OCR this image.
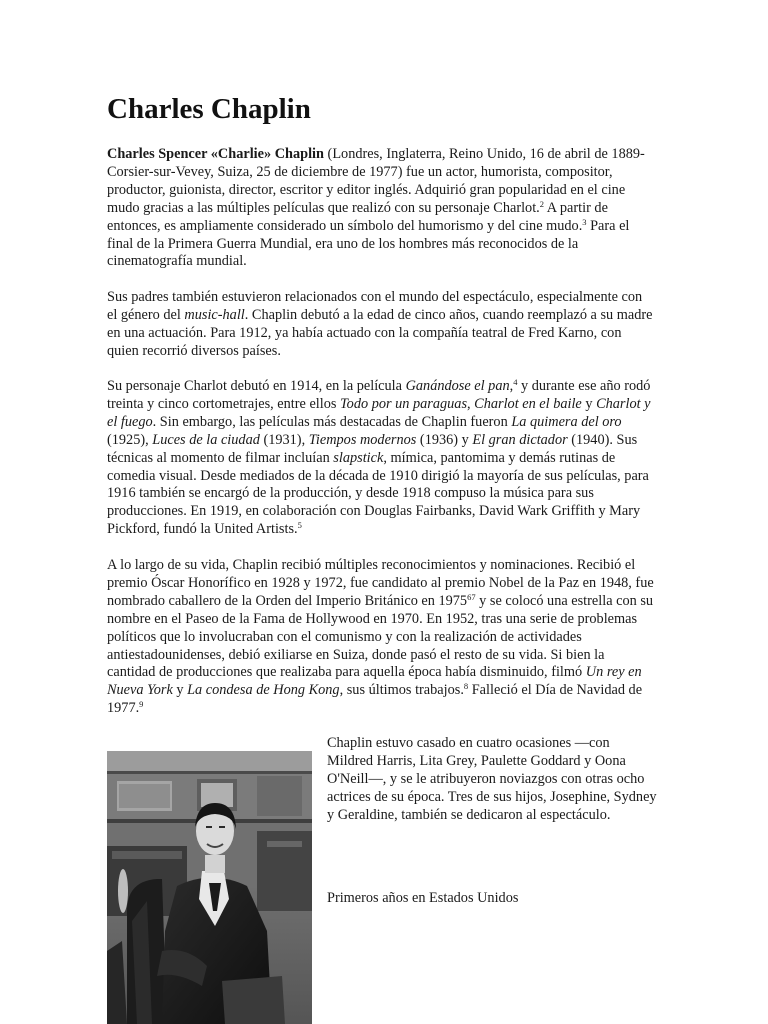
Charles Chaplin

Charles Spencer «Charlie» Chaplin (Londres, Inglaterra, Reino Unido, 16 de abril de 1889-Corsier-sur-Vevey, Suiza, 25 de diciembre de 1977) fue un actor, humorista, compositor, productor, guionista, director, escritor y editor inglés. Adquirió gran popularidad en el cine mudo gracias a las múltiples películas que realizó con su personaje Charlot.$^2$ A partir de entonces, es ampliamente considerado un símbolo del humorismo y del cine mudo.$^3$ Para el final de la Primera Guerra Mundial, era uno de los hombres más reconocidos de la cinematografía mundial.

Sus padres también estuvieron relacionados con el mundo del espectáculo, especialmente con el género del music-hall. Chaplin debutó a la edad de cinco años, cuando reemplazó a su madre en una actuación. Para 1912, ya había actuado con la compañía teatral de Fred Karno, con quien recorrió diversos países.

Su personaje Charlot debutó en 1914, en la película Ganándose el pan,$^4$ y durante ese año rodó treinta y cinco cortometrajes, entre ellos Todo por un paraguas, Charlot en el baile y Charlot y el fuego. Sin embargo, las películas más destacadas de Chaplin fueron La quimera del oro (1925), Luces de la ciudad (1931), Tiempos modernos (1936) y El gran dictador (1940). Sus técnicas al momento de filmar incluían slapstick, mímica, pantomima y demás rutinas de comedia visual. Desde mediados de la década de 1910 dirigió la mayoría de sus películas, para 1916 también se encargó de la producción, y desde 1918 compuso la música para sus producciones. En 1919, en colaboración con Douglas Fairbanks, David Wark Griffith y Mary Pickford, fundó la United Artists.$^5$

A lo largo de su vida, Chaplin recibió múltiples reconocimientos y nominaciones. Recibió el premio Óscar Honorífico en 1928 y 1972, fue candidato al premio Nobel de la Paz en 1948, fue nombrado caballero de la Orden del Imperio Británico en 1975$^{67}$ y se colocó una estrella con su nombre en el Paseo de la Fama de Hollywood en 1970. En 1952, tras una serie de problemas políticos que lo involucraban con el comunismo y con la realización de actividades antiestadounidenses, debió exiliarse en Suiza, donde pasó el resto de su vida. Si bien la cantidad de producciones que realizaba para aquella época había disminuido, filmó Un rey en Nueva York y La condesa de Hong Kong, sus últimos trabajos.$^8$ Falleció el Día de Navidad de 1977.$^9$

Chaplin estuvo casado en cuatro ocasiones —con Mildred Harris, Lita Grey, Paulette Goddard y Oona O'Neill—, y se le atribuyeron noviazgos con otras ocho actrices de su época. Tres de sus hijos, Josephine, Sydney y Geraldine, también se dedicaron al espectáculo.

Primeros años en Estados Unidos
